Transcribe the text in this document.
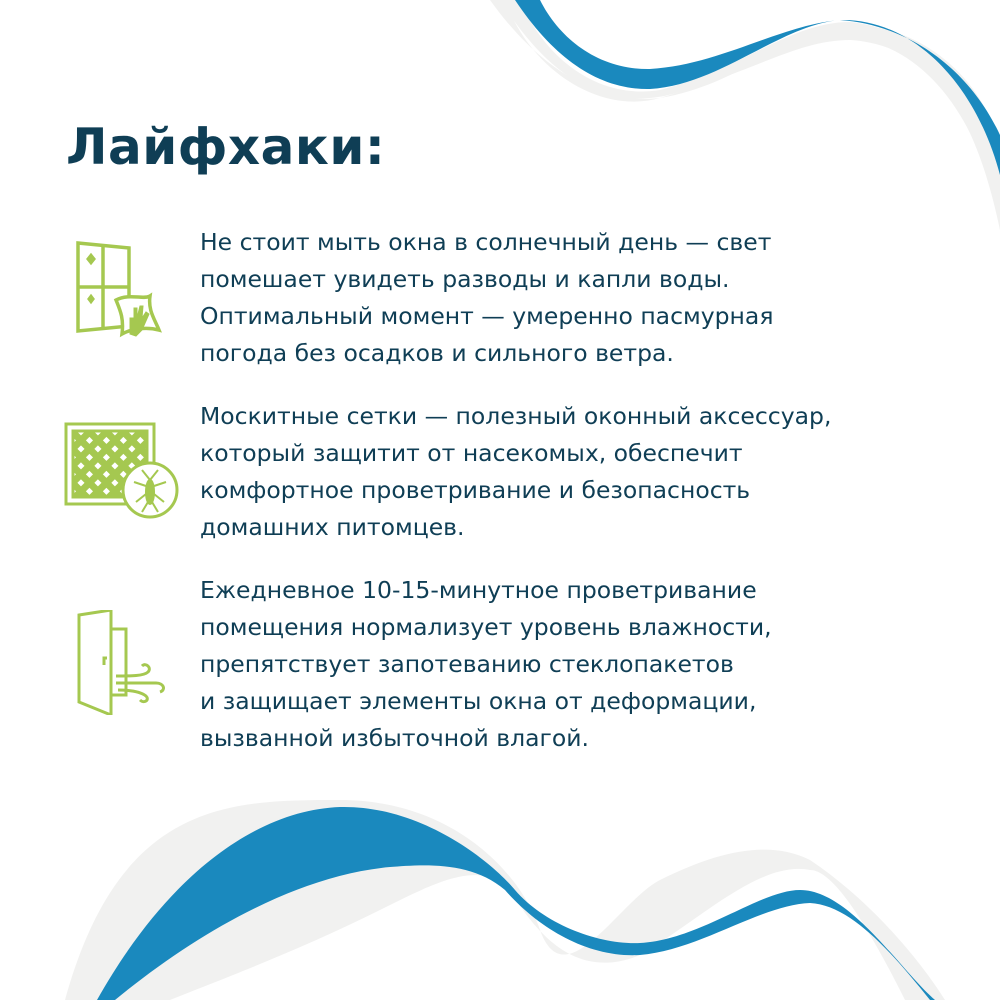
Лайфхаки:
Не стоит мыть окна в солнечный день — свет
помешает увидеть разводы и капли воды.
Оптимальный момент — умеренно пасмурная
погода без осадков и сильного ветра.
Москитные сетки — полезный оконный аксессуар,
который защитит от насекомых, обеспечит
комфортное проветривание и безопасность
домашних питомцев.
Ежедневное 10-15-минутное проветривание
помещения нормализует уровень влажности,
препятствует запотеванию стеклопакетов
и защищает элементы окна от деформации,
вызванной избыточной влагой.
